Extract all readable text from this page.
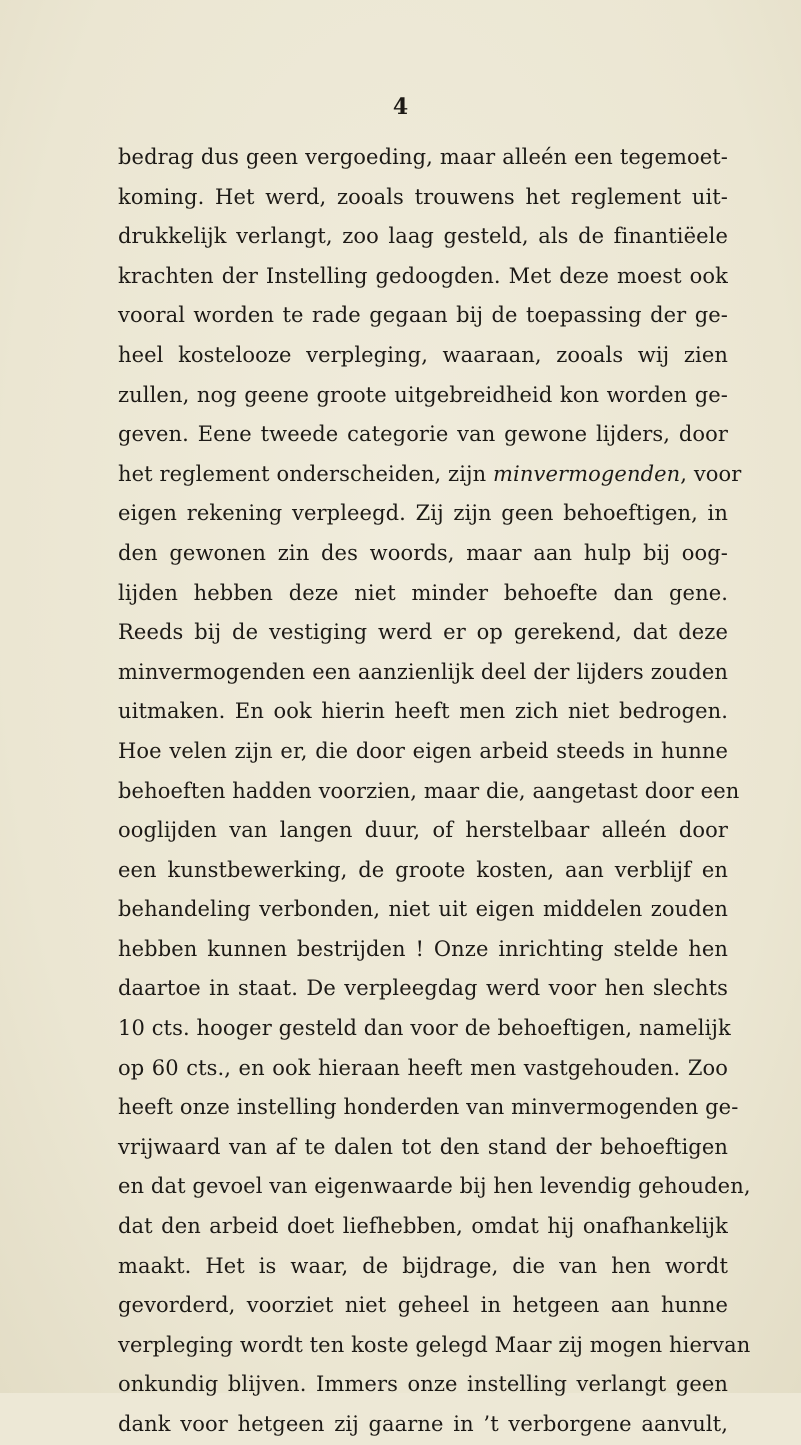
4
bedrag dus geen vergoeding, maar alleén een tegemoet-
koming. Het werd, zooals trouwens het reglement uit-
drukkelijk verlangt, zoo laag gesteld, als de finantiëele
krachten der Instelling gedoogden. Met deze moest ook
vooral worden te rade gegaan bij de toepassing der ge-
heel kostelooze verpleging, waaraan, zooals wij zien
zullen, nog geene groote uitgebreidheid kon worden ge-
geven. Eene tweede categorie van gewone lijders, door
het reglement onderscheiden, zijn minvermogenden, voor
eigen rekening verpleegd. Zij zijn geen behoeftigen, in
den gewonen zin des woords, maar aan hulp bij oog-
lijden hebben deze niet minder behoefte dan gene.
Reeds bij de vestiging werd er op gerekend, dat deze
minvermogenden een aanzienlijk deel der lijders zouden
uitmaken. En ook hierin heeft men zich niet bedrogen.
Hoe velen zijn er, die door eigen arbeid steeds in hunne
behoeften hadden voorzien, maar die, aangetast door een
ooglijden van langen duur, of herstelbaar alleén door
een kunstbewerking, de groote kosten, aan verblijf en
behandeling verbonden, niet uit eigen middelen zouden
hebben kunnen bestrijden ! Onze inrichting stelde hen
daartoe in staat. De verpleegdag werd voor hen slechts
10 cts. hooger gesteld dan voor de behoeftigen, namelijk
op 60 cts., en ook hieraan heeft men vastgehouden. Zoo
heeft onze instelling honderden van minvermogenden ge-
vrijwaard van af te dalen tot den stand der behoeftigen
en dat gevoel van eigenwaarde bij hen levendig gehouden,
dat den arbeid doet liefhebben, omdat hij onafhankelijk
maakt. Het is waar, de bijdrage, die van hen wordt
gevorderd, voorziet niet geheel in hetgeen aan hunne
verpleging wordt ten koste gelegd Maar zij mogen hiervan
onkundig blijven. Immers onze instelling verlangt geen
dank voor hetgeen zij gaarne in ’t verborgene aanvult,
